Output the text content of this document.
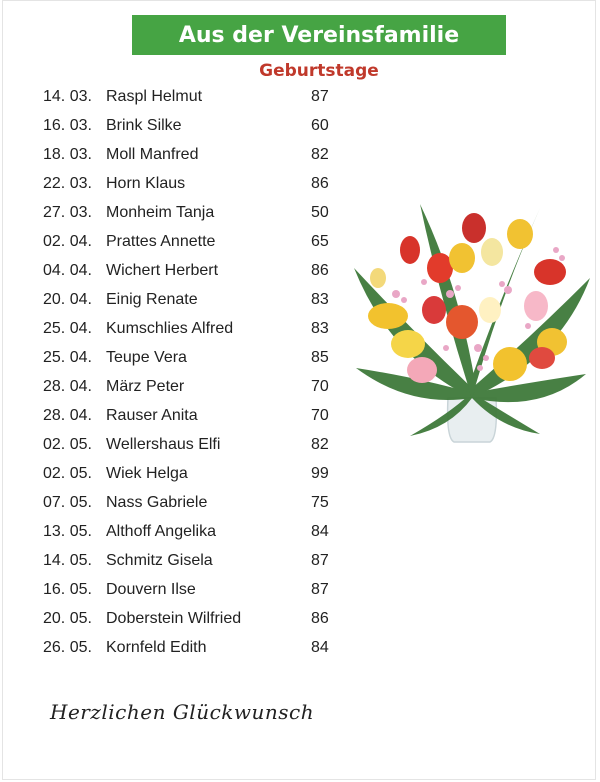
Aus der Vereinsfamilie
Geburtstage
14. 03. Raspl Helmut	87
16. 03. Brink Silke	60
18. 03. Moll Manfred	82
22. 03. Horn Klaus	86
27. 03. Monheim Tanja	50
02. 04. Prattes Annette	65
04. 04. Wichert Herbert	86
20. 04. Einig Renate	83
25. 04. Kumschlies Alfred	83
25. 04. Teupe Vera	85
28. 04. März Peter	70
28. 04. Rauser Anita	70
02. 05. Wellershaus Elfi	82
02. 05. Wiek Helga	99
07. 05. Nass Gabriele	75
13. 05. Althoff Angelika	84
14. 05. Schmitz Gisela	87
16. 05. Douvern Ilse	87
20. 05. Doberstein Wilfried	86
26. 05. Kornfeld Edith	84
Herzlichen Glückwunsch
